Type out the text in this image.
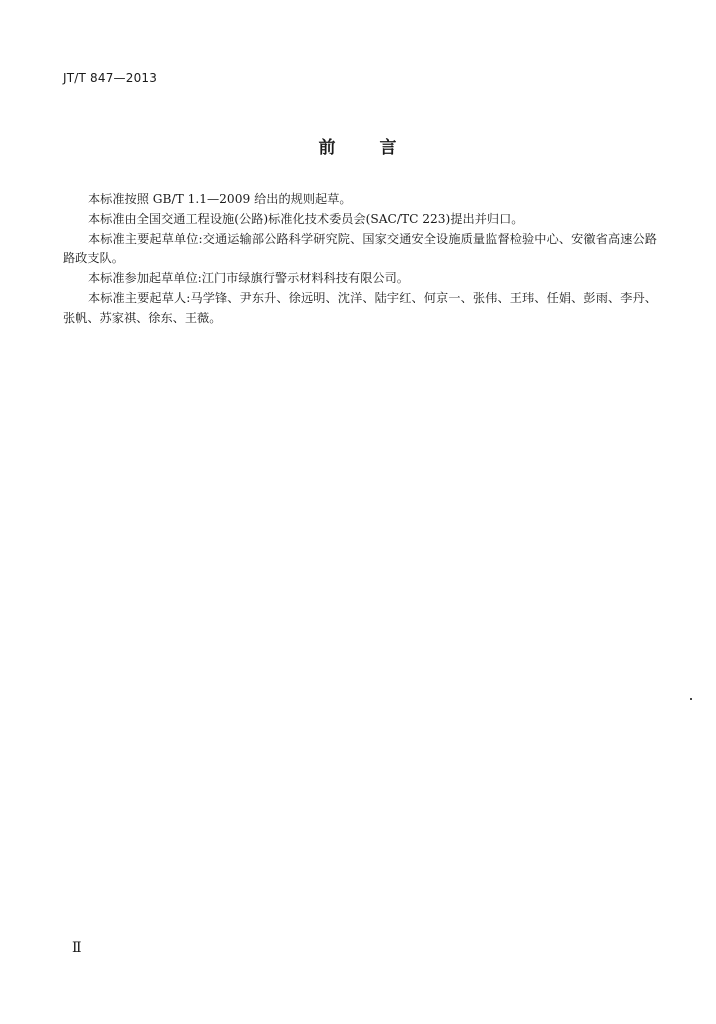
JT/T 847—2013
前 言

本标准按照 GB/T 1.1—2009 给出的规则起草。

本标准由全国交通工程设施(公路)标准化技术委员会(SAC/TC 223)提出并归口。

本标准主要起草单位:交通运输部公路科学研究院、国家交通安全设施质量监督检验中心、安徽省高速公路路政支队。

本标准参加起草单位:江门市绿旗行警示材料科技有限公司。

本标准主要起草人:马学锋、尹东升、徐远明、沈洋、陆宇红、何京一、张伟、王玮、任娟、彭雨、李丹、张帆、苏家祺、徐东、王薇。

Ⅱ
